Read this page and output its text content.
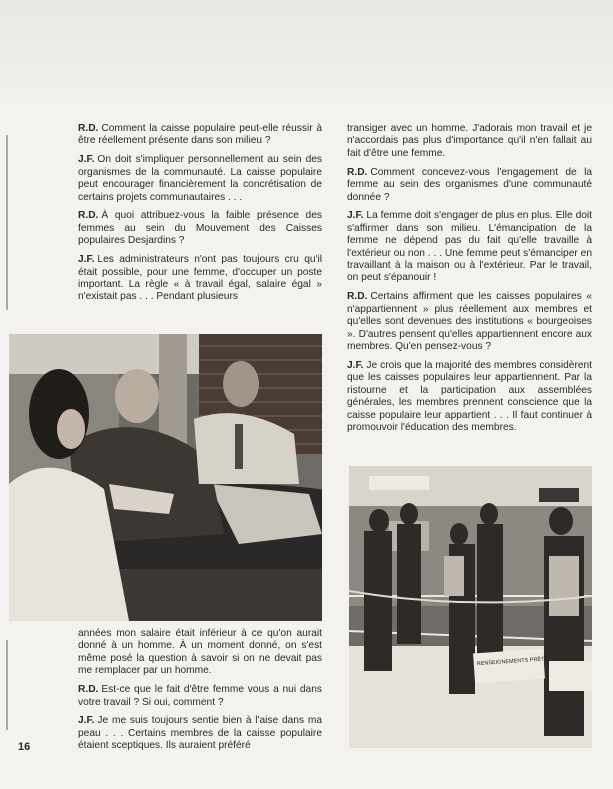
R.D. Comment la caisse populaire peut-elle réussir à être réellement présente dans son milieu ?

J.F. On doit s'impliquer personnellement au sein des organismes de la communauté. La caisse populaire peut encourager financièrement la concrétisation de certains projets communautaires . . .

R.D. À quoi attribuez-vous la faible présence des femmes au sein du Mouvement des Caisses populaires Desjardins ?

J.F. Les administrateurs n'ont pas toujours cru qu'il était possible, pour une femme, d'occuper un poste important. La règle « à travail égal, salaire égal » n'existait pas . . . Pendant plusieurs

années mon salaire était inférieur à ce qu'on aurait donné à un homme. À un moment donné, on s'est même posé la question à savoir si on ne devait pas me remplacer par un homme.

R.D. Est-ce que le fait d'être femme vous a nui dans votre travail ? Si oui, comment ?

J.F. Je me suis toujours sentie bien à l'aise dans ma peau . . . Certains membres de la caisse populaire étaient sceptiques. Ils auraient préféré

transiger avec un homme. J'adorais mon travail et je n'accordais pas plus d'importance qu'il n'en fallait au fait d'être une femme.

R.D. Comment concevez-vous l'engagement de la femme au sein des organismes d'une communauté donnée ?

J.F. La femme doit s'engager de plus en plus. Elle doit s'affirmer dans son milieu. L'émancipation de la femme ne dépend pas du fait qu'elle travaille à l'extérieur ou non . . . Une femme peut s'émanciper en travaillant à la maison ou à l'extérieur. Par le travail, on peut s'épanouir !

R.D. Certains affirment que les caisses populaires « n'appartiennent » plus réellement aux membres et qu'elles sont devenues des institutions « bourgeoises ». D'autres pensent qu'elles appartiennent encore aux membres. Qu'en pensez-vous ?

J.F. Je crois que la majorité des membres considèrent que les caisses populaires leur appartiennent. Par la ristourne et la participation aux assemblées générales, les membres prennent conscience que la caisse populaire leur appartient . . . Il faut continuer à promouvoir l'éducation des membres.

RENSEIGNEMENTS PRÊTS
16
